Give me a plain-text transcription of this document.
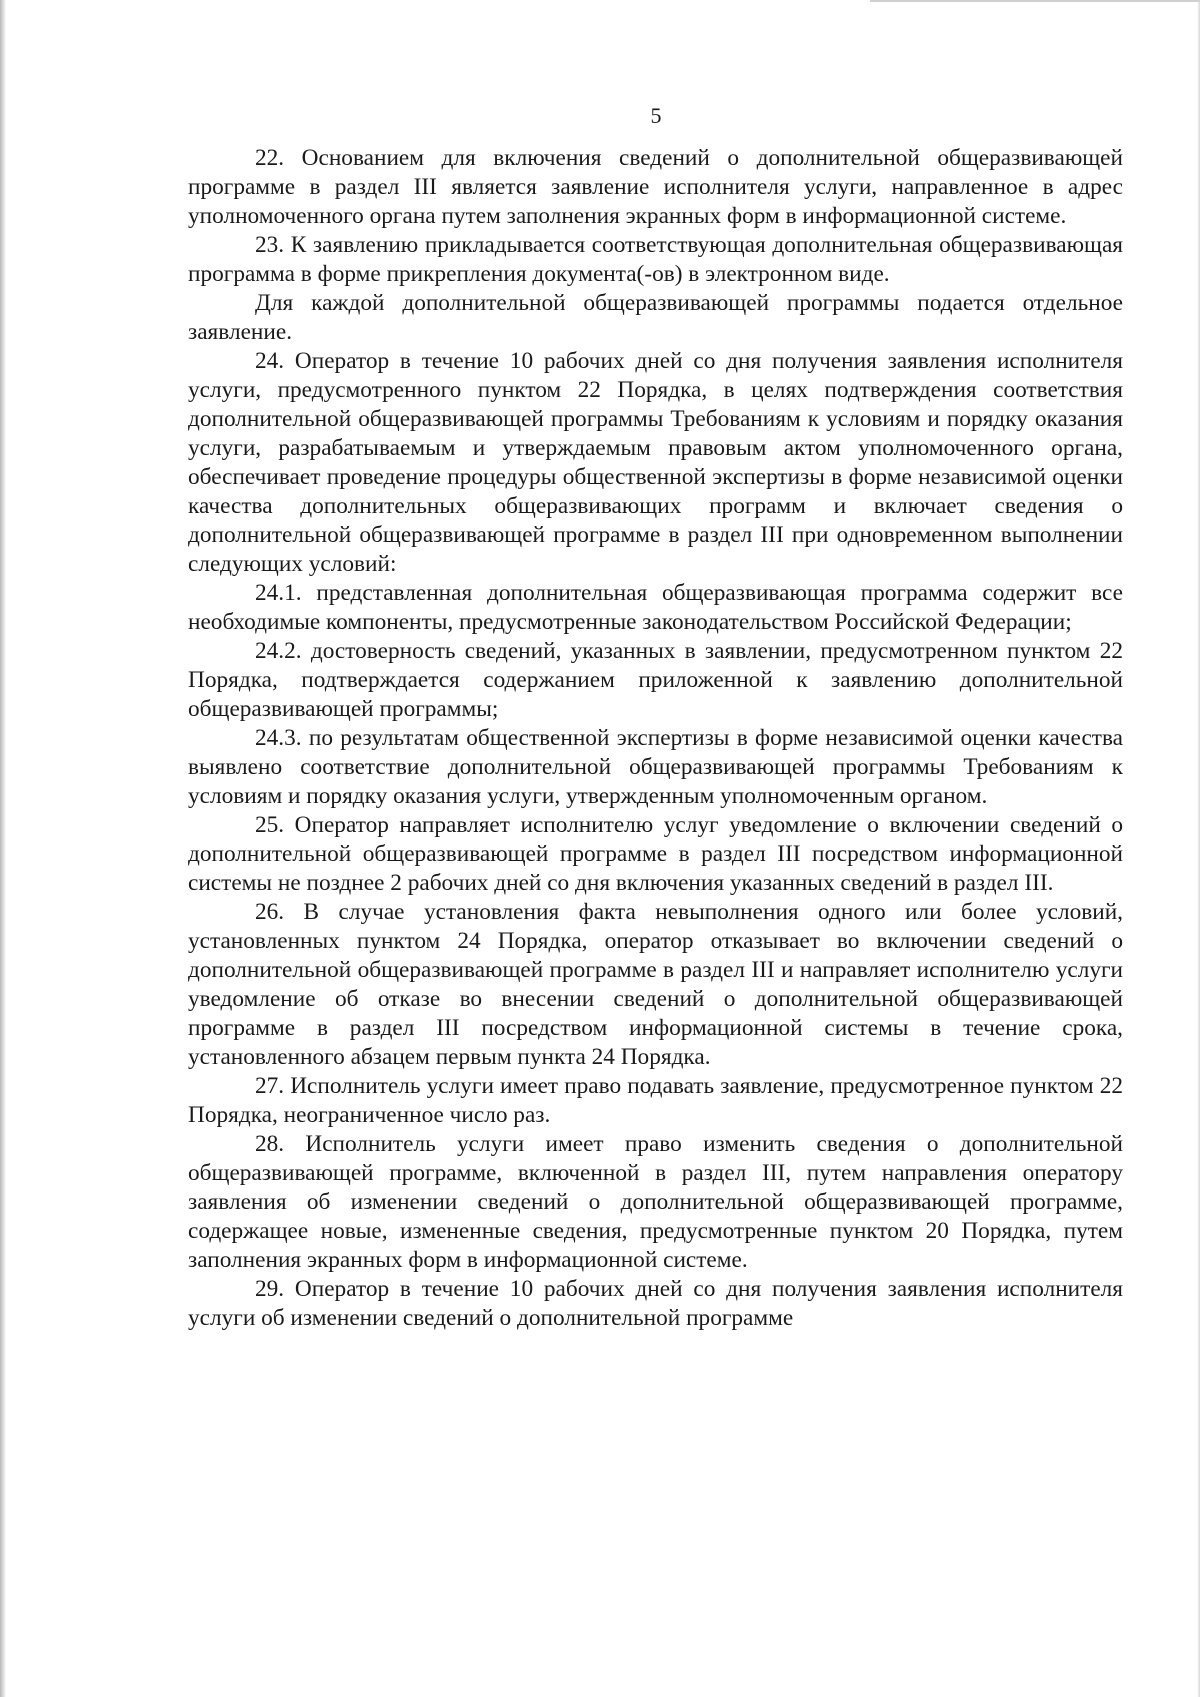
5

22. Основанием для включения сведений о дополнительной общеразвивающей программе в раздел III является заявление исполнителя услуги, направленное в адрес уполномоченного органа путем заполнения экранных форм в информационной системе.

23. К заявлению прикладывается соответствующая дополнительная общеразвивающая программа в форме прикрепления документа(-ов) в электронном виде.

Для каждой дополнительной общеразвивающей программы подается отдельное заявление.

24. Оператор в течение 10 рабочих дней со дня получения заявления исполнителя услуги, предусмотренного пунктом 22 Порядка, в целях подтверждения соответствия дополнительной общеразвивающей программы Требованиям к условиям и порядку оказания услуги, разрабатываемым и утверждаемым правовым актом уполномоченного органа, обеспечивает проведение процедуры общественной экспертизы в форме независимой оценки качества дополнительных общеразвивающих программ и включает сведения о дополнительной общеразвивающей программе в раздел III при одновременном выполнении следующих условий:

24.1. представленная дополнительная общеразвивающая программа содержит все необходимые компоненты, предусмотренные законодательством Российской Федерации;

24.2. достоверность сведений, указанных в заявлении, предусмотренном пунктом 22 Порядка, подтверждается содержанием приложенной к заявлению дополнительной общеразвивающей программы;

24.3. по результатам общественной экспертизы в форме независимой оценки качества выявлено соответствие дополнительной общеразвивающей программы Требованиям к условиям и порядку оказания услуги, утвержденным уполномоченным органом.

25. Оператор направляет исполнителю услуг уведомление о включении сведений о дополнительной общеразвивающей программе в раздел III посредством информационной системы не позднее 2 рабочих дней со дня включения указанных сведений в раздел III.

26. В случае установления факта невыполнения одного или более условий, установленных пунктом 24 Порядка, оператор отказывает во включении сведений о дополнительной общеразвивающей программе в раздел III и направляет исполнителю услуги уведомление об отказе во внесении сведений о дополнительной общеразвивающей программе в раздел III посредством информационной системы в течение срока, установленного абзацем первым пункта 24 Порядка.

27. Исполнитель услуги имеет право подавать заявление, предусмотренное пунктом 22 Порядка, неограниченное число раз.

28. Исполнитель услуги имеет право изменить сведения о дополнительной общеразвивающей программе, включенной в раздел III, путем направления оператору заявления об изменении сведений о дополнительной общеразвивающей программе, содержащее новые, измененные сведения, предусмотренные пунктом 20 Порядка, путем заполнения экранных форм в информационной системе.

29. Оператор в течение 10 рабочих дней со дня получения заявления исполнителя услуги об изменении сведений о дополнительной программе
